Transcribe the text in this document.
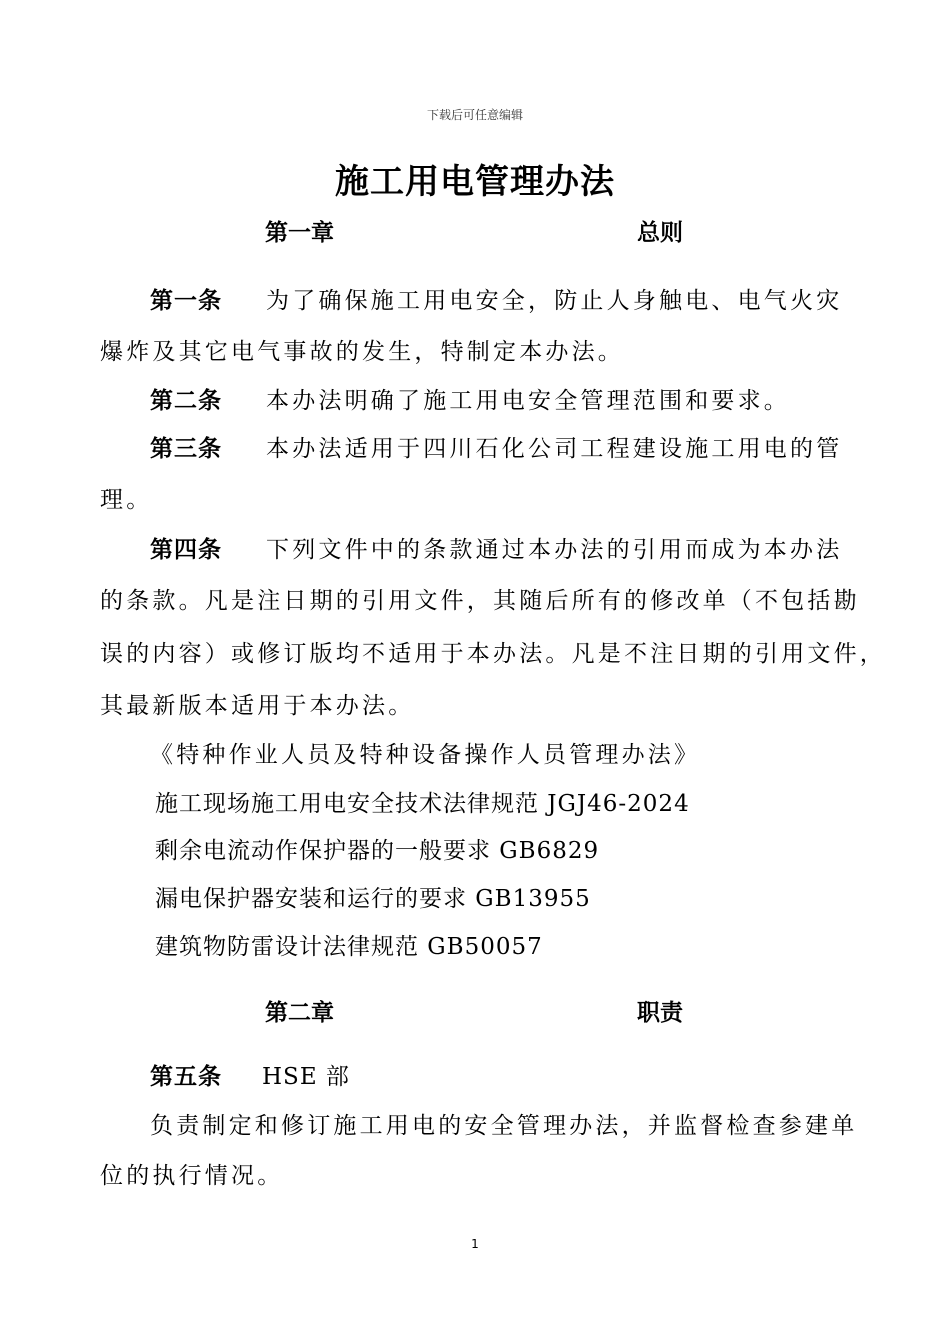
下载后可任意编辑
施工用电管理办法
第一章	总则
第一条 为了确保施工用电安全，防止人身触电、电气火灾
爆炸及其它电气事故的发生，特制定本办法。
第二条 本办法明确了施工用电安全管理范围和要求。
第三条 本办法适用于四川石化公司工程建设施工用电的管
理。
第四条 下列文件中的条款通过本办法的引用而成为本办法
的条款。凡是注日期的引用文件，其随后所有的修改单（不包括勘
误的内容）或修订版均不适用于本办法。凡是不注日期的引用文件，
其最新版本适用于本办法。
《特种作业人员及特种设备操作人员管理办法》
施工现场施工用电安全技术法律规范 JGJ46-2024
剩余电流动作保护器的一般要求 GB6829
漏电保护器安装和运行的要求 GB13955
建筑物防雷设计法律规范 GB50057
第二章	职责
第五条 HSE 部
负责制定和修订施工用电的安全管理办法，并监督检查参建单
位的执行情况。
1
